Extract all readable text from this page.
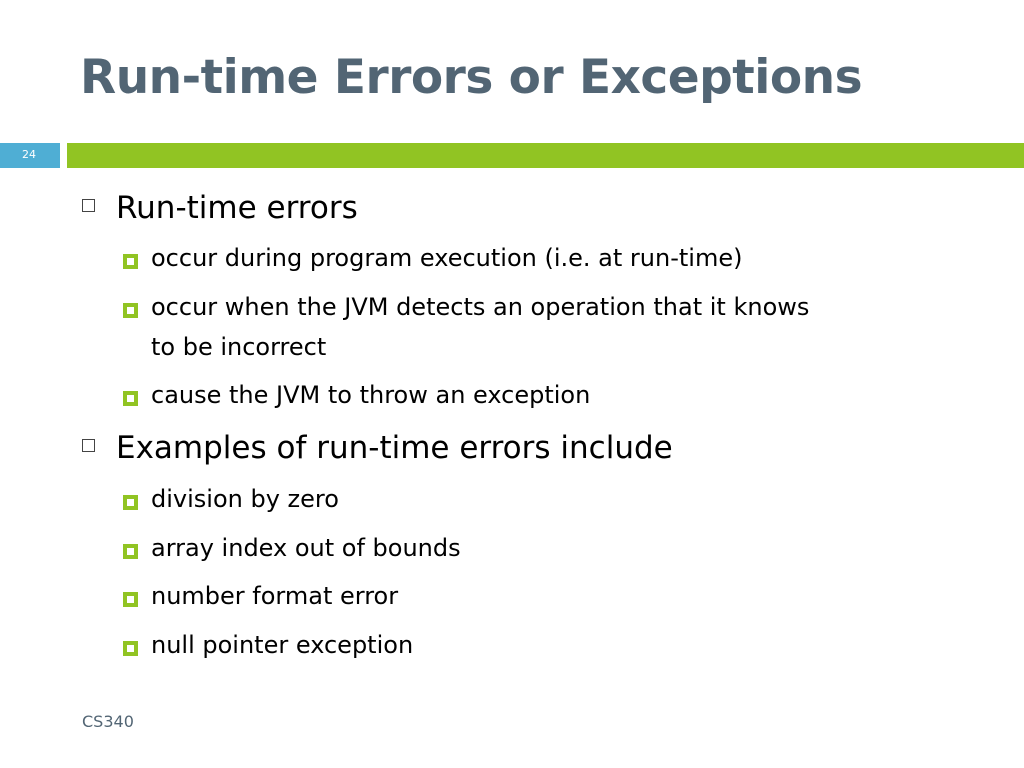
Run-time Errors or Exceptions
24
Run-time errors
occur during program execution (i.e. at run-time)
occur when the JVM detects an operation that it knows
to be incorrect
cause the JVM to throw an exception
Examples of run-time errors include
division by zero
array index out of bounds
number format error
null pointer exception
CS340
